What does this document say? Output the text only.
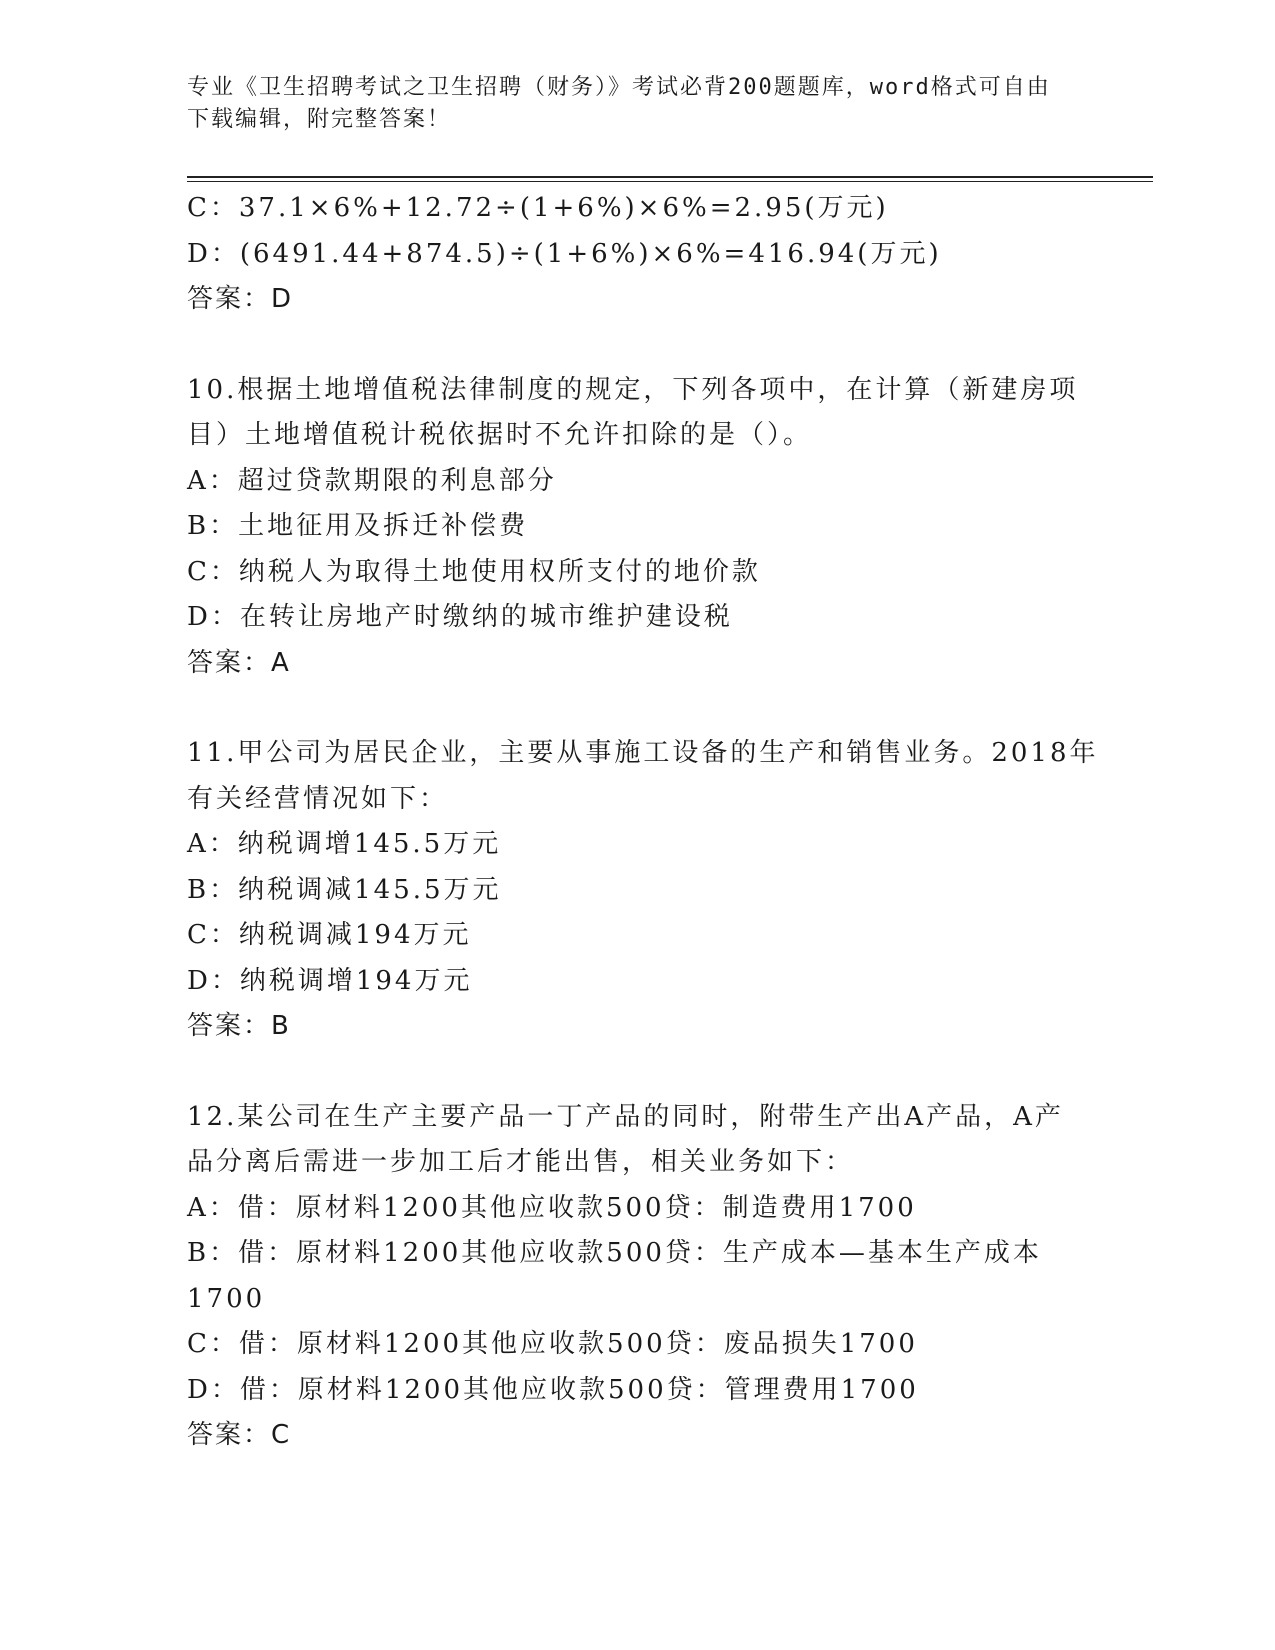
专业《卫生招聘考试之卫生招聘（财务）》考试必背200题题库，word格式可自由下载编辑，附完整答案！
C：37.1×6%+12.72÷(1+6%)×6%=2.95(万元)
D：(6491.44+874.5)÷(1+6%)×6%=416.94(万元)
答案：D
10.根据土地增值税法律制度的规定，下列各项中，在计算（新建房项
目）土地增值税计税依据时不允许扣除的是（）。
A：超过贷款期限的利息部分
B：土地征用及拆迁补偿费
C：纳税人为取得土地使用权所支付的地价款
D：在转让房地产时缴纳的城市维护建设税
答案：A
11.甲公司为居民企业，主要从事施工设备的生产和销售业务。2018年
有关经营情况如下：
A：纳税调增145.5万元
B：纳税调减145.5万元
C：纳税调减194万元
D：纳税调增194万元
答案：B
12.某公司在生产主要产品一丁产品的同时，附带生产出A产品，A产
品分离后需进一步加工后才能出售，相关业务如下：
A：借：原材料1200其他应收款500贷：制造费用1700
B：借：原材料1200其他应收款500贷：生产成本—基本生产成本
1700
C：借：原材料1200其他应收款500贷：废品损失1700
D：借：原材料1200其他应收款500贷：管理费用1700
答案：C
